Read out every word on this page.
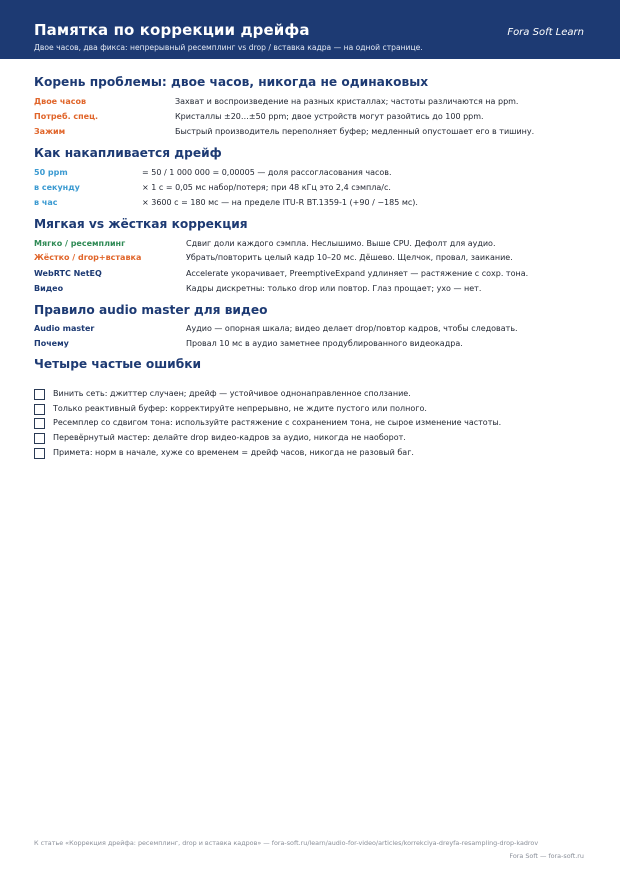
Памятка по коррекции дрейфа	Fora Soft Learn
Двое часов, два фикса: непрерывный ресемплинг vs drop / вставка кадра — на одной странице.
Корень проблемы: двое часов, никогда не одинаковых
Двое часов	Захват и воспроизведение на разных кристаллах; частоты различаются на ppm.
Потреб. спец.	Кристаллы ±20…±50 ppm; двое устройств могут разойтись до 100 ppm.
Зажим	Быстрый производитель переполняет буфер; медленный опустошает его в тишину.
Как накапливается дрейф
50 ppm	= 50 / 1 000 000 = 0,00005 — доля рассогласования часов.
в секунду	× 1 с = 0,05 мс набор/потеря; при 48 кГц это 2,4 сэмпла/с.
в час	× 3600 с = 180 мс — на пределе ITU-R BT.1359-1 (+90 / −185 мс).
Мягкая vs жёсткая коррекция
Мягко / ресемплинг	Сдвиг доли каждого сэмпла. Неслышимо. Выше CPU. Дефолт для аудио.
Жёстко / drop+вставка	Убрать/повторить целый кадр 10–20 мс. Дёшево. Щелчок, провал, заикание.
WebRTC NetEQ	Accelerate укорачивает, PreemptiveExpand удлиняет — растяжение с сохр. тона.
Видео	Кадры дискретны: только drop или повтор. Глаз прощает; ухо — нет.
Правило audio master для видео
Audio master	Аудио — опорная шкала; видео делает drop/повтор кадров, чтобы следовать.
Почему	Провал 10 мс в аудио заметнее продублированного видеокадра.
Четыре частые ошибки
Винить сеть: джиттер случаен; дрейф — устойчивое однонаправленное сползание.
Только реактивный буфер: корректируйте непрерывно, не ждите пустого или полного.
Ресемплер со сдвигом тона: используйте растяжение с сохранением тона, не сырое изменение частоты.
Перевёрнутый мастер: делайте drop видео-кадров за аудио, никогда не наоборот.
Примета: норм в начале, хуже со временем = дрейф часов, никогда не разовый баг.
К статье «Коррекция дрейфа: ресемплинг, drop и вставка кадров» — fora-soft.ru/learn/audio-for-video/articles/korrekciya-dreyfa-resampling-drop-kadrov
Fora Soft — fora-soft.ru
